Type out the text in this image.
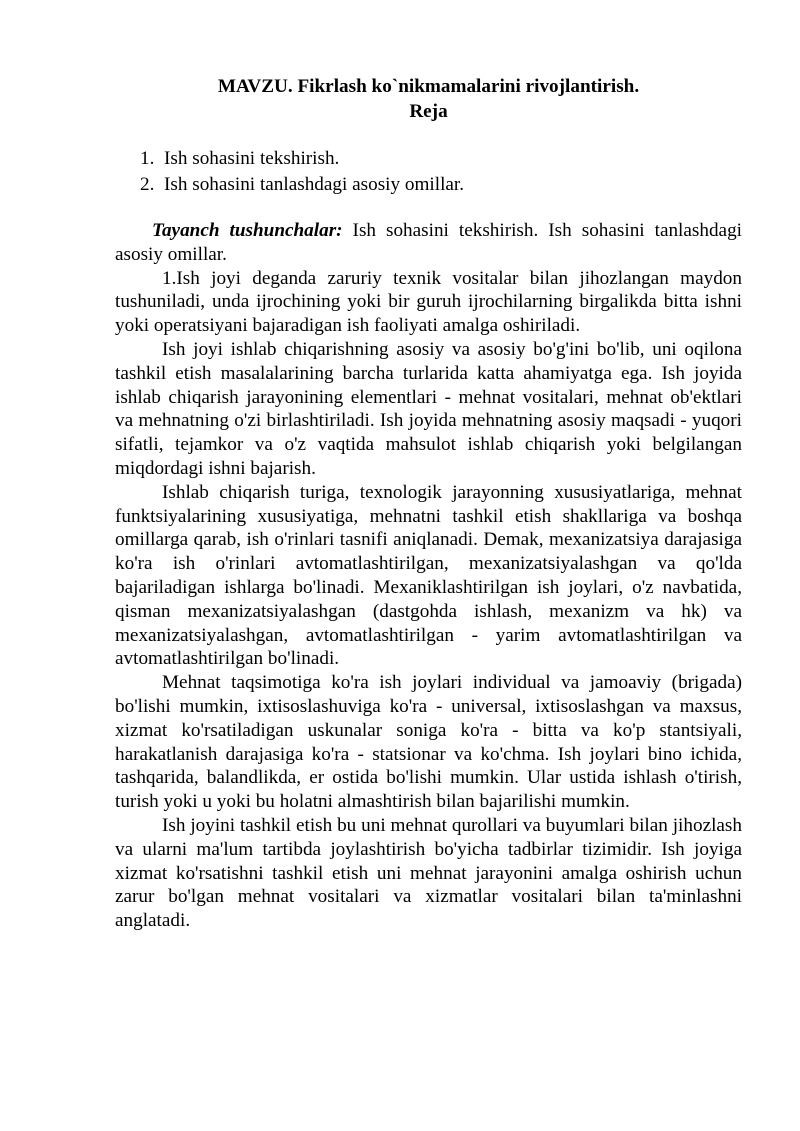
MAVZU. Fikrlash ko`nikmamalarini rivojlantirish.
Reja
1. Ish sohasini tekshirish.
2. Ish sohasini tanlashdagi asosiy omillar.

Tayanch tushunchalar: Ish sohasini tekshirish. Ish sohasini tanlashdagi asosiy omillar.

1.Ish joyi deganda zaruriy texnik vositalar bilan jihozlangan maydon tushuniladi, unda ijrochining yoki bir guruh ijrochilarning birgalikda bitta ishni yoki operatsiyani bajaradigan ish faoliyati amalga oshiriladi.

Ish joyi ishlab chiqarishning asosiy va asosiy bo'g'ini bo'lib, uni oqilona tashkil etish masalalarining barcha turlarida katta ahamiyatga ega. Ish joyida ishlab chiqarish jarayonining elementlari - mehnat vositalari, mehnat ob'ektlari va mehnatning o'zi birlashtiriladi. Ish joyida mehnatning asosiy maqsadi - yuqori sifatli, tejamkor va o'z vaqtida mahsulot ishlab chiqarish yoki belgilangan miqdordagi ishni bajarish.

Ishlab chiqarish turiga, texnologik jarayonning xususiyatlariga, mehnat funktsiyalarining xususiyatiga, mehnatni tashkil etish shakllariga va boshqa omillarga qarab, ish o'rinlari tasnifi aniqlanadi. Demak, mexanizatsiya darajasiga ko'ra ish o'rinlari avtomatlashtirilgan, mexanizatsiyalashgan va qo'lda bajariladigan ishlarga bo'linadi. Mexaniklashtirilgan ish joylari, o'z navbatida, qisman mexanizatsiyalashgan (dastgohda ishlash, mexanizm va hk) va mexanizatsiyalashgan, avtomatlashtirilgan - yarim avtomatlashtirilgan va avtomatlashtirilgan bo'linadi.

Mehnat taqsimotiga ko'ra ish joylari individual va jamoaviy (brigada) bo'lishi mumkin, ixtisoslashuviga ko'ra - universal, ixtisoslashgan va maxsus, xizmat ko'rsatiladigan uskunalar soniga ko'ra - bitta va ko'p stantsiyali, harakatlanish darajasiga ko'ra - statsionar va ko'chma. Ish joylari bino ichida, tashqarida, balandlikda, er ostida bo'lishi mumkin. Ular ustida ishlash o'tirish, turish yoki u yoki bu holatni almashtirish bilan bajarilishi mumkin.

Ish joyini tashkil etish bu uni mehnat qurollari va buyumlari bilan jihozlash va ularni ma'lum tartibda joylashtirish bo'yicha tadbirlar tizimidir. Ish joyiga xizmat ko'rsatishni tashkil etish uni mehnat jarayonini amalga oshirish uchun zarur bo'lgan mehnat vositalari va xizmatlar vositalari bilan ta'minlashni anglatadi.
